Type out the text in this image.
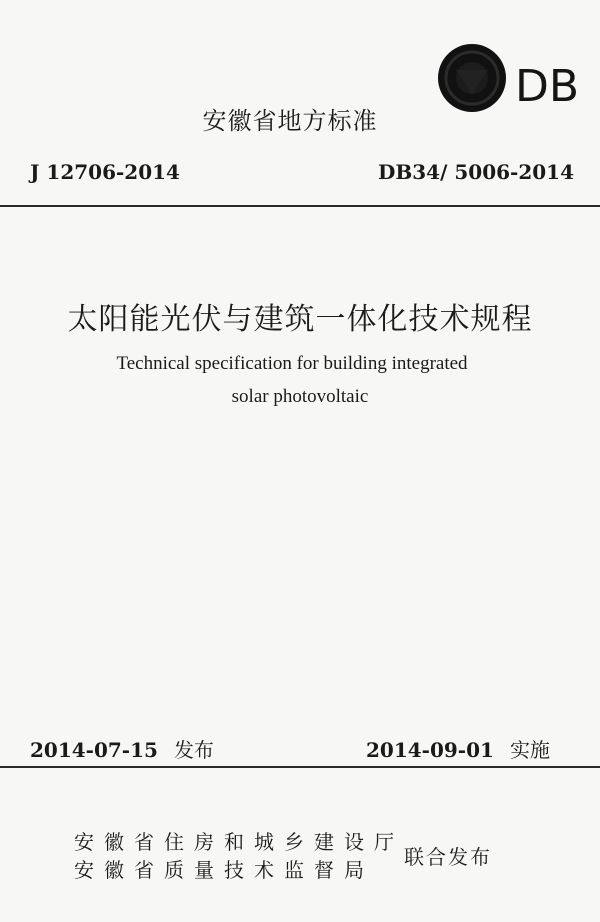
DB
安徽省地方标准
J 12706-2014	DB34/ 5006-2014
太阳能光伏与建筑一体化技术规程
Technical specification for building integrated
solar photovoltaic
2014-07-15 发布	2014-09-01 实施
安徽省住房和城乡建设厅
安徽省质量技术监督局
联合发布
